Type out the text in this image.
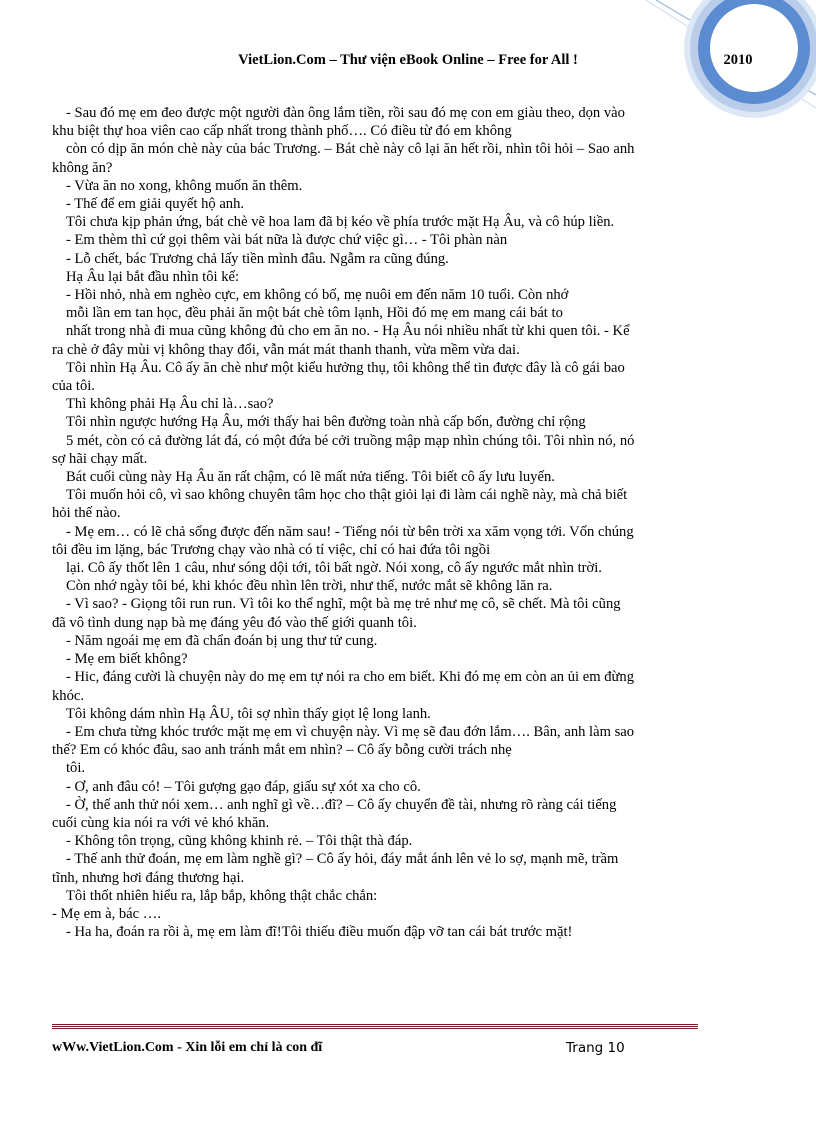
VietLion.Com – Thư viện eBook Online – Free for All !	2010
- Sau đó mẹ em đeo được một người đàn ông lắm tiền, rồi sau đó mẹ con em giàu theo, dọn vào
khu biệt thự hoa viên cao cấp nhất trong thành phố…. Có điều từ đó em không
còn có dịp ăn món chè này của bác Trương. – Bát chè này cô lại ăn hết rồi, nhìn tôi hỏi – Sao anh
không ăn?
- Vừa ăn no xong, không muốn ăn thêm.
- Thế để em giải quyết hộ anh.
Tôi chưa kịp phản ứng, bát chè vẽ hoa lam đã bị kéo về phía trước mặt Hạ Âu, và cô húp liền.
- Em thèm thì cứ gọi thêm vài bát nữa là được chứ việc gì… - Tôi phàn nàn
- Lỗ chết, bác Trương chả lấy tiền mình đâu. Ngẫm ra cũng đúng.
Hạ Âu lại bắt đầu nhìn tôi kể:
- Hồi nhỏ, nhà em nghèo cực, em không có bố, mẹ nuôi em đến năm 10 tuổi. Còn nhớ
mỗi lần em tan học, đều phải ăn một bát chè tôm lạnh, Hồi đó mẹ em mang cái bát to
nhất trong nhà đi mua cũng không đủ cho em ăn no. - Hạ Âu nói nhiều nhất từ khi quen tôi. - Kể
ra chè ở đây mùi vị không thay đổi, vẫn mát mát thanh thanh, vừa mềm vừa dai.
Tôi nhìn Hạ Âu. Cô ấy ăn chè như một kiểu hưởng thụ, tôi không thể tin được đây là cô gái bao
của tôi.
Thì không phải Hạ Âu chỉ là…sao?
Tôi nhìn ngược hướng Hạ Âu, mới thấy hai bên đường toàn nhà cấp bốn, đường chỉ rộng
5 mét, còn có cả đường lát đá, có một đứa bé cởi truồng mập mạp nhìn chúng tôi. Tôi nhìn nó, nó
sợ hãi chạy mất.
Bát cuối cùng này Hạ Âu ăn rất chậm, có lẽ mất nửa tiếng. Tôi biết cô ấy lưu luyến.
Tôi muốn hỏi cô, vì sao không chuyên tâm học cho thật giỏi lại đi làm cái nghề này, mà chả biết
hỏi thế nào.
- Mẹ em… có lẽ chả sống được đến năm sau! - Tiếng nói từ bên trời xa xăm vọng tới. Vốn chúng
tôi đều im lặng, bác Trương chạy vào nhà có tí việc, chỉ có hai đứa tôi ngồi
lại. Cô ấy thốt lên 1 câu, như sóng dội tới, tôi bất ngờ. Nói xong, cô ấy ngước mắt nhìn trời.
Còn nhớ ngày tôi bé, khi khóc đều nhìn lên trời, như thế, nước mắt sẽ không lăn ra.
- Vì sao? - Giọng tôi run run. Vì tôi ko thể nghĩ, một bà mẹ trẻ như mẹ cô, sẽ chết. Mà tôi cũng
đã vô tình dung nạp bà mẹ đáng yêu đó vào thế giới quanh tôi.
- Năm ngoái mẹ em đã chẩn đoán bị ung thư tử cung.
- Mẹ em biết không?
- Hic, đáng cười là chuyện này do mẹ em tự nói ra cho em biết. Khi đó mẹ em còn an ủi em đừng
khóc.
Tôi không dám nhìn Hạ ÂU, tôi sợ nhìn thấy giọt lệ long lanh.
- Em chưa từng khóc trước mặt mẹ em vì chuyện này. Vì mẹ sẽ đau đớn lắm…. Bân, anh làm sao
thế? Em có khóc đâu, sao anh tránh mắt em nhìn? – Cô ấy bỗng cười trách nhẹ
tôi.
- Ơ, anh đâu có! – Tôi gượng gạo đáp, giấu sự xót xa cho cô.
- Ờ, thế anh thử nói xem… anh nghĩ gì về…đĩ? – Cô ấy chuyển đề tài, nhưng rõ ràng cái tiếng
cuối cùng kia nói ra với vẻ khó khăn.
- Không tôn trọng, cũng không khinh rẻ. – Tôi thật thà đáp.
- Thế anh thử đoán, mẹ em làm nghề gì? – Cô ấy hỏi, đáy mắt ánh lên vẻ lo sợ, mạnh mẽ, trầm
tĩnh, nhưng hơi đáng thương hại.
Tôi thốt nhiên hiểu ra, lắp bắp, không thật chắc chắn:
- Mẹ em à, bác ….
- Ha ha, đoán ra rồi à, mẹ em làm đĩ!Tôi thiếu điều muốn đập vỡ tan cái bát trước mặt!
wWw.VietLion.Com - Xin lỗi em chỉ là con đĩ	Trang 10
